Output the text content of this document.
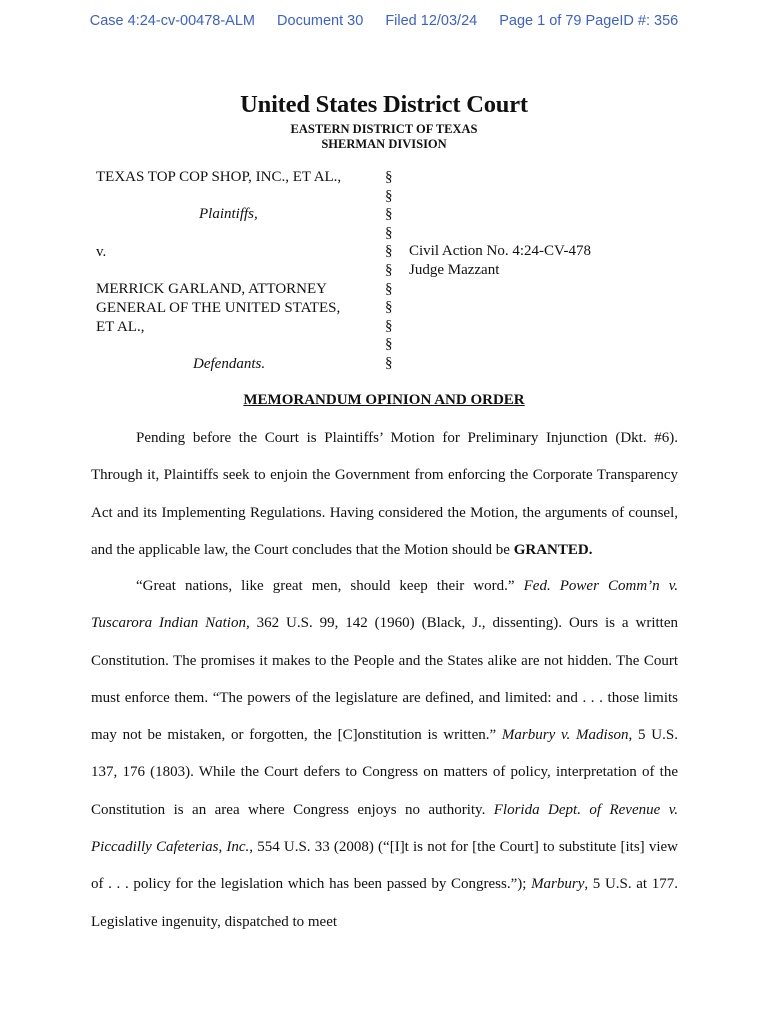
Case 4:24-cv-00478-ALM Document 30 Filed 12/03/24 Page 1 of 79 PageID #: 356
United States District Court
EASTERN DISTRICT OF TEXAS
SHERMAN DIVISION
TEXAS TOP COP SHOP, INC., ET AL.,
Plaintiffs,
v.
MERRICK GARLAND, ATTORNEY
GENERAL OF THE UNITED STATES,
ET AL.,
Defendants.
§
§
§
§
§
§
§
§
§
§
§
Civil Action No. 4:24-CV-478
Judge Mazzant
MEMORANDUM OPINION AND ORDER

Pending before the Court is Plaintiffs’ Motion for Preliminary Injunction (Dkt. #6). Through it, Plaintiffs seek to enjoin the Government from enforcing the Corporate Transparency Act and its Implementing Regulations. Having considered the Motion, the arguments of counsel, and the applicable law, the Court concludes that the Motion should be GRANTED.

“Great nations, like great men, should keep their word.” Fed. Power Comm’n v. Tuscarora Indian Nation, 362 U.S. 99, 142 (1960) (Black, J., dissenting). Ours is a written Constitution. The promises it makes to the People and the States alike are not hidden. The Court must enforce them. “The powers of the legislature are defined, and limited: and . . . those limits may not be mistaken, or forgotten, the [C]onstitution is written.” Marbury v. Madison, 5 U.S. 137, 176 (1803). While the Court defers to Congress on matters of policy, interpretation of the Constitution is an area where Congress enjoys no authority. Florida Dept. of Revenue v. Piccadilly Cafeterias, Inc., 554 U.S. 33 (2008) (“[I]t is not for [the Court] to substitute [its] view of . . . policy for the legislation which has been passed by Congress.”); Marbury, 5 U.S. at 177. Legislative ingenuity, dispatched to meet
